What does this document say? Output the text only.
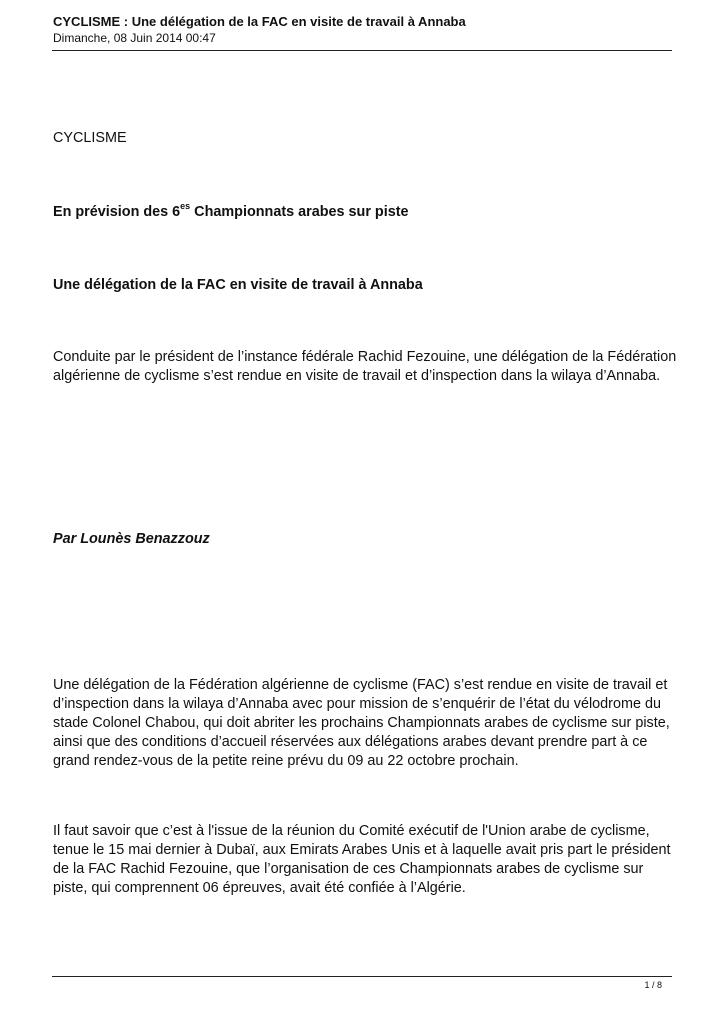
CYCLISME : Une délégation de la FAC en visite de travail à Annaba
Dimanche, 08 Juin 2014 00:47
CYCLISME
En prévision des $6^{es}$ Championnats arabes sur piste
Une délégation de la FAC en visite de travail à Annaba
Conduite par le président de l’instance fédérale Rachid Fezouine, une délégation de la Fédération algérienne de cyclisme s’est rendue en visite de travail et d’inspection dans la wilaya d’Annaba.
Par Lounès Benazzouz
Une délégation de la Fédération algérienne de cyclisme (FAC) s’est rendue en visite de travail et d’inspection dans la wilaya d’Annaba avec pour mission de s’enquérir de l’état du vélodrome du stade Colonel Chabou, qui doit abriter les prochains Championnats arabes de cyclisme sur piste, ainsi que des conditions d’accueil réservées aux délégations arabes devant prendre part à ce grand rendez-vous de la petite reine prévu du 09 au 22 octobre prochain.
Il faut savoir que c’est à l'issue de la réunion du Comité exécutif de l'Union arabe de cyclisme, tenue le 15 mai dernier à Dubaï, aux Emirats Arabes Unis et à laquelle avait pris part le président de la FAC Rachid Fezouine, que l’organisation de ces Championnats arabes de cyclisme sur piste, qui comprennent 06 épreuves, avait été confiée à l’Algérie.
1 / 8
